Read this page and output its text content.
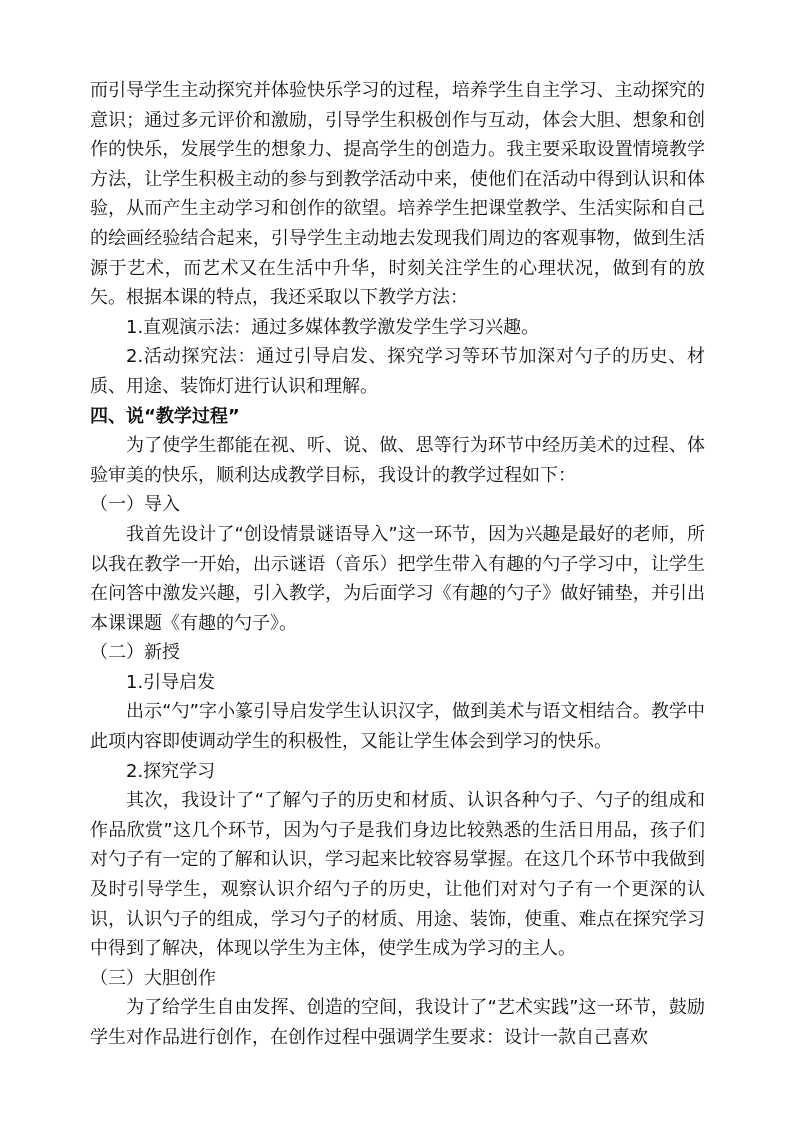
而引导学生主动探究并体验快乐学习的过程，培养学生自主学习、主动探究的意识；通过多元评价和激励，引导学生积极创作与互动，体会大胆、想象和创作的快乐，发展学生的想象力、提高学生的创造力。我主要采取设置情境教学方法，让学生积极主动的参与到教学活动中来，使他们在活动中得到认识和体验，从而产生主动学习和创作的欲望。培养学生把课堂教学、生活实际和自己的绘画经验结合起来，引导学生主动地去发现我们周边的客观事物，做到生活源于艺术，而艺术又在生活中升华，时刻关注学生的心理状况，做到有的放矢。根据本课的特点，我还采取以下教学方法：

1.直观演示法：通过多媒体教学激发学生学习兴趣。

2.活动探究法：通过引导启发、探究学习等环节加深对勺子的历史、材质、用途、装饰灯进行认识和理解。

四、说“教学过程”

为了使学生都能在视、听、说、做、思等行为环节中经历美术的过程、体验审美的快乐，顺利达成教学目标，我设计的教学过程如下：

（一）导入

我首先设计了“创设情景谜语导入”这一环节，因为兴趣是最好的老师，所以我在教学一开始，出示谜语（音乐）把学生带入有趣的勺子学习中，让学生在问答中激发兴趣，引入教学，为后面学习《有趣的勺子》做好铺垫，并引出本课课题《有趣的勺子》。

（二）新授

1.引导启发

出示“勺”字小篆引导启发学生认识汉字，做到美术与语文相结合。教学中此项内容即使调动学生的积极性，又能让学生体会到学习的快乐。

2.探究学习

其次，我设计了“了解勺子的历史和材质、认识各种勺子、勺子的组成和作品欣赏”这几个环节，因为勺子是我们身边比较熟悉的生活日用品，孩子们对勺子有一定的了解和认识，学习起来比较容易掌握。在这几个环节中我做到及时引导学生，观察认识介绍勺子的历史，让他们对对勺子有一个更深的认识，认识勺子的组成，学习勺子的材质、用途、装饰，使重、难点在探究学习中得到了解决，体现以学生为主体，使学生成为学习的主人。

（三）大胆创作

为了给学生自由发挥、创造的空间，我设计了“艺术实践”这一环节，鼓励学生对作品进行创作，在创作过程中强调学生要求：设计一款自己喜欢
